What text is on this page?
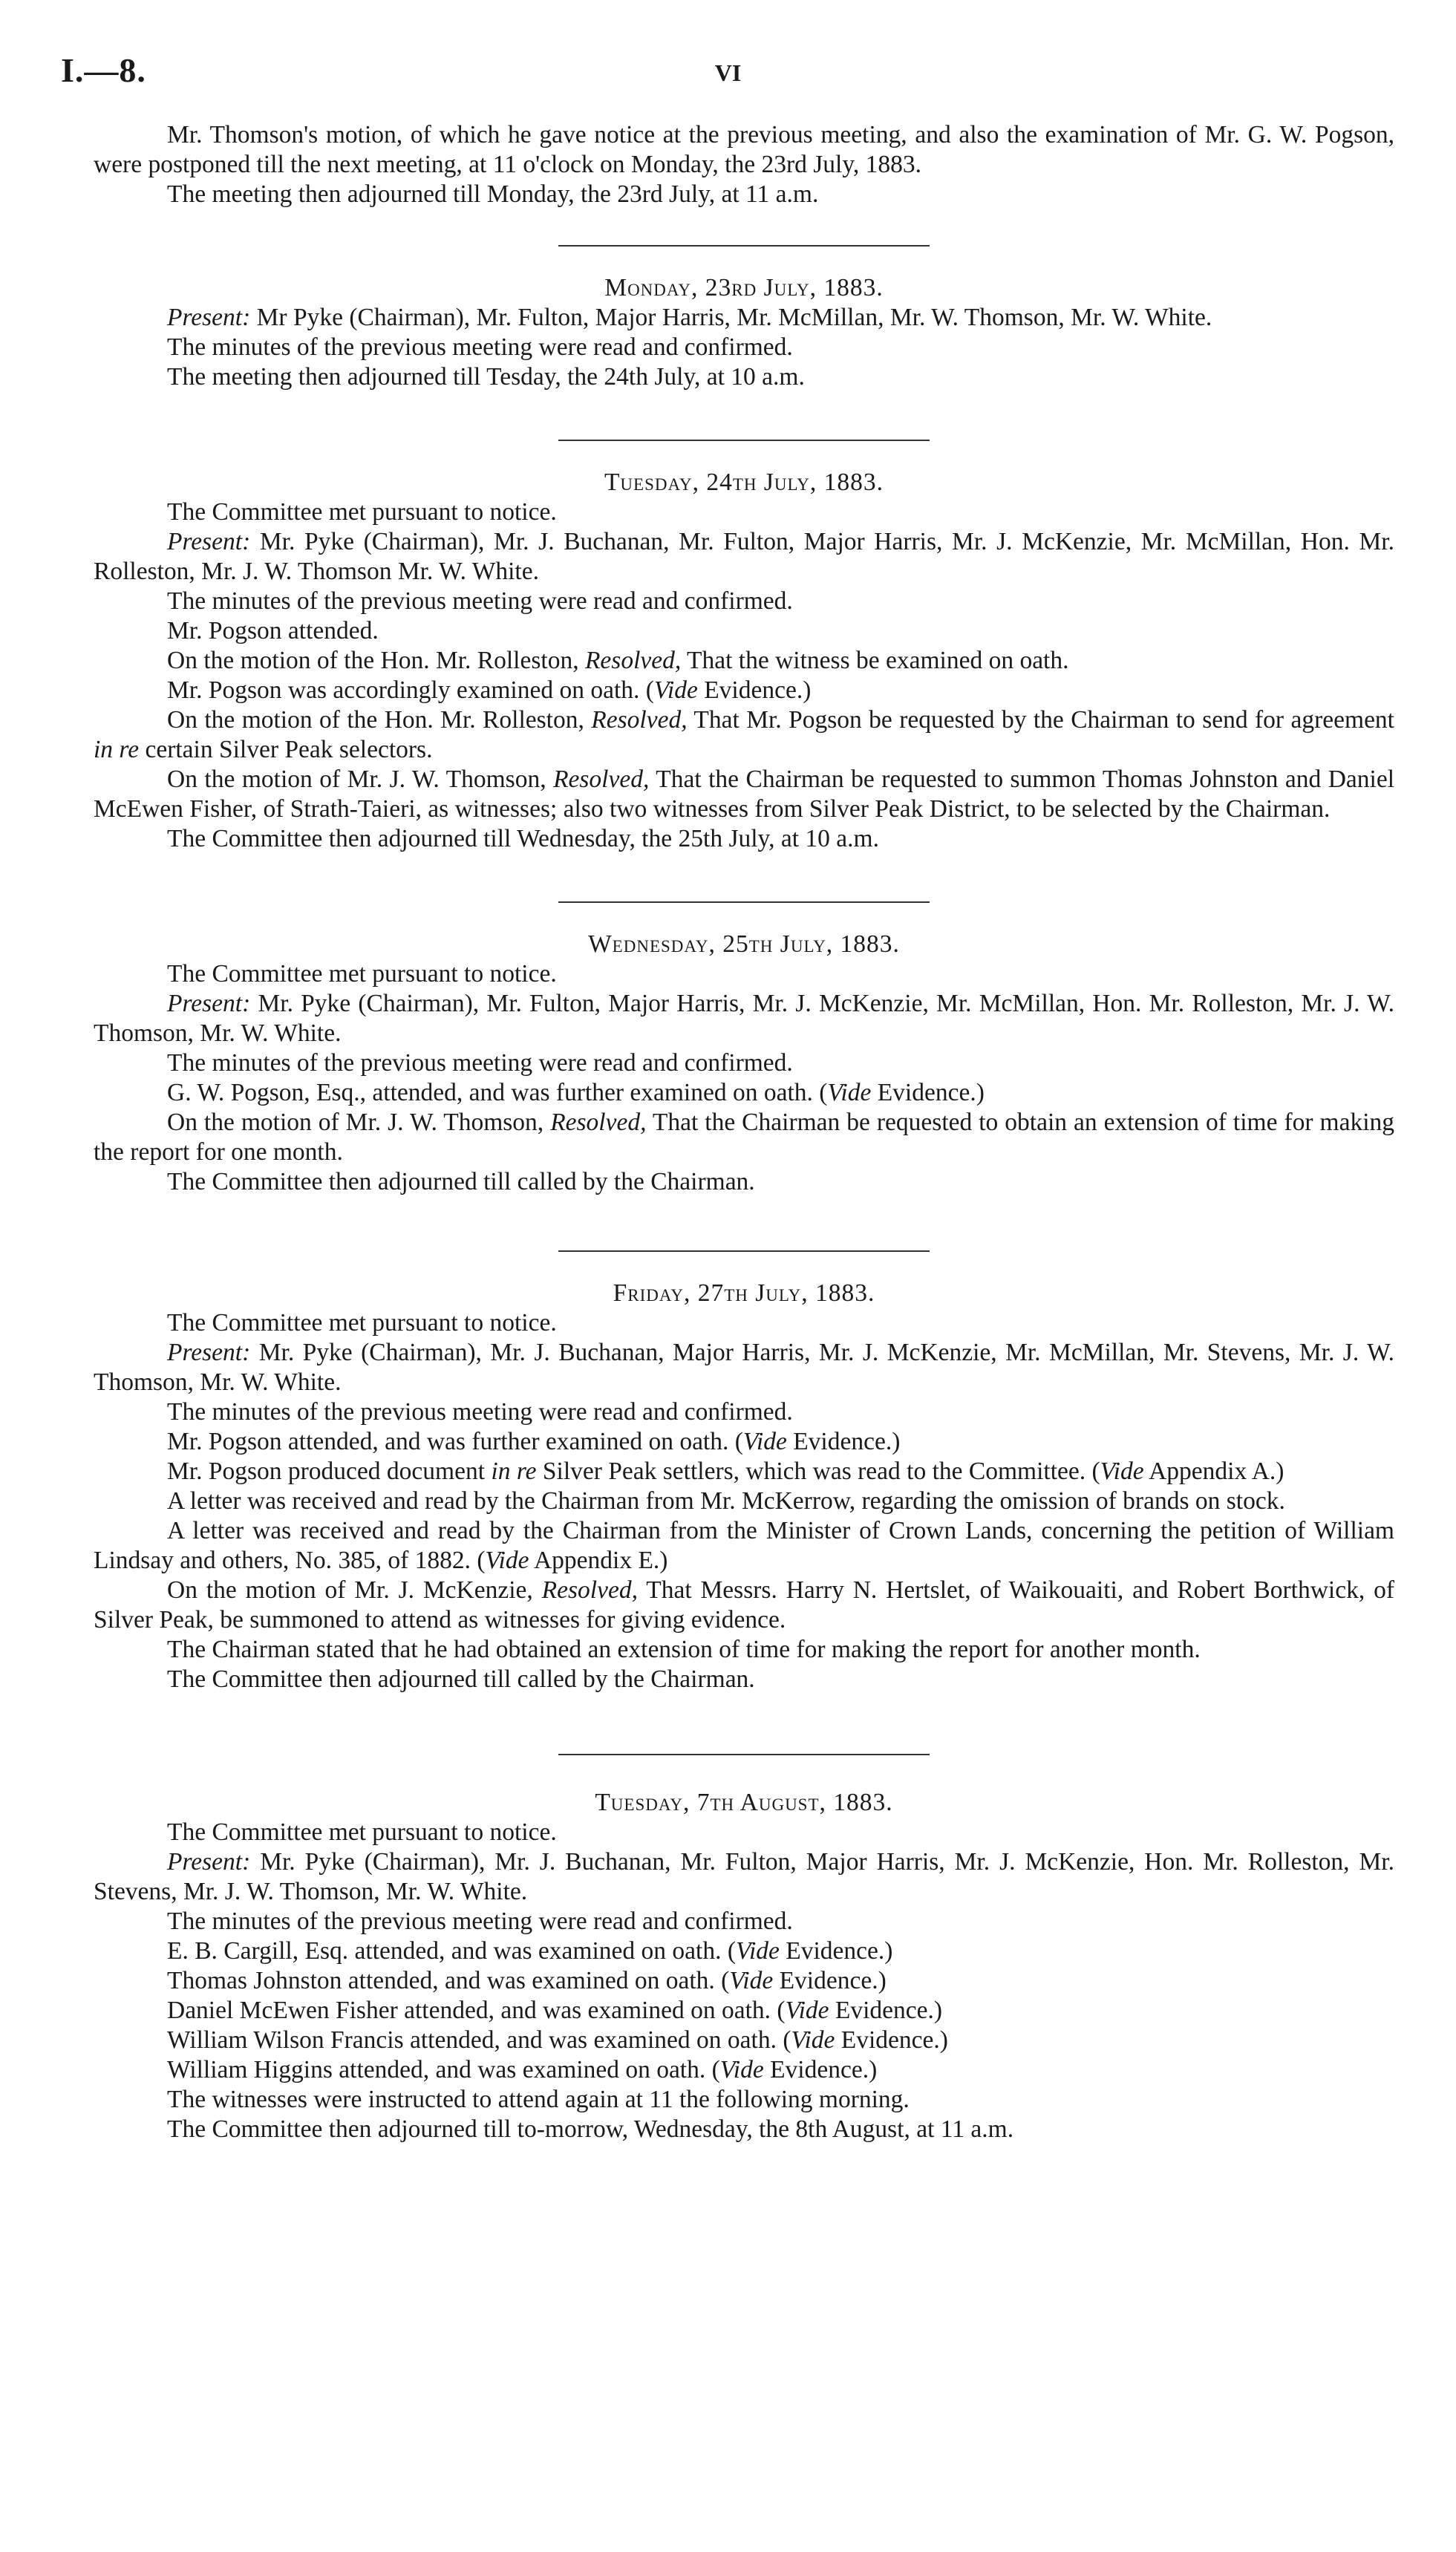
I.—8.	VI

Mr. Thomson's motion, of which he gave notice at the previous meeting, and also the examination of Mr. G. W. Pogson, were postponed till the next meeting, at 11 o'clock on Monday, the 23rd July, 1883.

The meeting then adjourned till Monday, the 23rd July, at 11 a.m.

Monday, 23rd July, 1883.

Present: Mr Pyke (Chairman), Mr. Fulton, Major Harris, Mr. McMillan, Mr. W. Thomson, Mr. W. White.

The minutes of the previous meeting were read and confirmed.

The meeting then adjourned till Tesday, the 24th July, at 10 a.m.

Tuesday, 24th July, 1883.

The Committee met pursuant to notice.

Present: Mr. Pyke (Chairman), Mr. J. Buchanan, Mr. Fulton, Major Harris, Mr. J. McKenzie, Mr. McMillan, Hon. Mr. Rolleston, Mr. J. W. Thomson Mr. W. White.

The minutes of the previous meeting were read and confirmed.

Mr. Pogson attended.

On the motion of the Hon. Mr. Rolleston, Resolved, That the witness be examined on oath.

Mr. Pogson was accordingly examined on oath. (Vide Evidence.)

On the motion of the Hon. Mr. Rolleston, Resolved, That Mr. Pogson be requested by the Chairman to send for agreement in re certain Silver Peak selectors.

On the motion of Mr. J. W. Thomson, Resolved, That the Chairman be requested to summon Thomas Johnston and Daniel McEwen Fisher, of Strath-Taieri, as witnesses; also two witnesses from Silver Peak District, to be selected by the Chairman.

The Committee then adjourned till Wednesday, the 25th July, at 10 a.m.

Wednesday, 25th July, 1883.

The Committee met pursuant to notice.

Present: Mr. Pyke (Chairman), Mr. Fulton, Major Harris, Mr. J. McKenzie, Mr. McMillan, Hon. Mr. Rolleston, Mr. J. W. Thomson, Mr. W. White.

The minutes of the previous meeting were read and confirmed.

G. W. Pogson, Esq., attended, and was further examined on oath. (Vide Evidence.)

On the motion of Mr. J. W. Thomson, Resolved, That the Chairman be requested to obtain an extension of time for making the report for one month.

The Committee then adjourned till called by the Chairman.

Friday, 27th July, 1883.

The Committee met pursuant to notice.

Present: Mr. Pyke (Chairman), Mr. J. Buchanan, Major Harris, Mr. J. McKenzie, Mr. McMillan, Mr. Stevens, Mr. J. W. Thomson, Mr. W. White.

The minutes of the previous meeting were read and confirmed.

Mr. Pogson attended, and was further examined on oath. (Vide Evidence.)

Mr. Pogson produced document in re Silver Peak settlers, which was read to the Committee. (Vide Appendix A.)

A letter was received and read by the Chairman from Mr. McKerrow, regarding the omission of brands on stock.

A letter was received and read by the Chairman from the Minister of Crown Lands, concerning the petition of William Lindsay and others, No. 385, of 1882. (Vide Appendix E.)

On the motion of Mr. J. McKenzie, Resolved, That Messrs. Harry N. Hertslet, of Waikouaiti, and Robert Borthwick, of Silver Peak, be summoned to attend as witnesses for giving evidence.

The Chairman stated that he had obtained an extension of time for making the report for another month.

The Committee then adjourned till called by the Chairman.

Tuesday, 7th August, 1883.

The Committee met pursuant to notice.

Present: Mr. Pyke (Chairman), Mr. J. Buchanan, Mr. Fulton, Major Harris, Mr. J. McKenzie, Hon. Mr. Rolleston, Mr. Stevens, Mr. J. W. Thomson, Mr. W. White.

The minutes of the previous meeting were read and confirmed.

E. B. Cargill, Esq. attended, and was examined on oath. (Vide Evidence.)

Thomas Johnston attended, and was examined on oath. (Vide Evidence.)

Daniel McEwen Fisher attended, and was examined on oath. (Vide Evidence.)

William Wilson Francis attended, and was examined on oath. (Vide Evidence.)

William Higgins attended, and was examined on oath. (Vide Evidence.)

The witnesses were instructed to attend again at 11 the following morning.

The Committee then adjourned till to-morrow, Wednesday, the 8th August, at 11 a.m.
